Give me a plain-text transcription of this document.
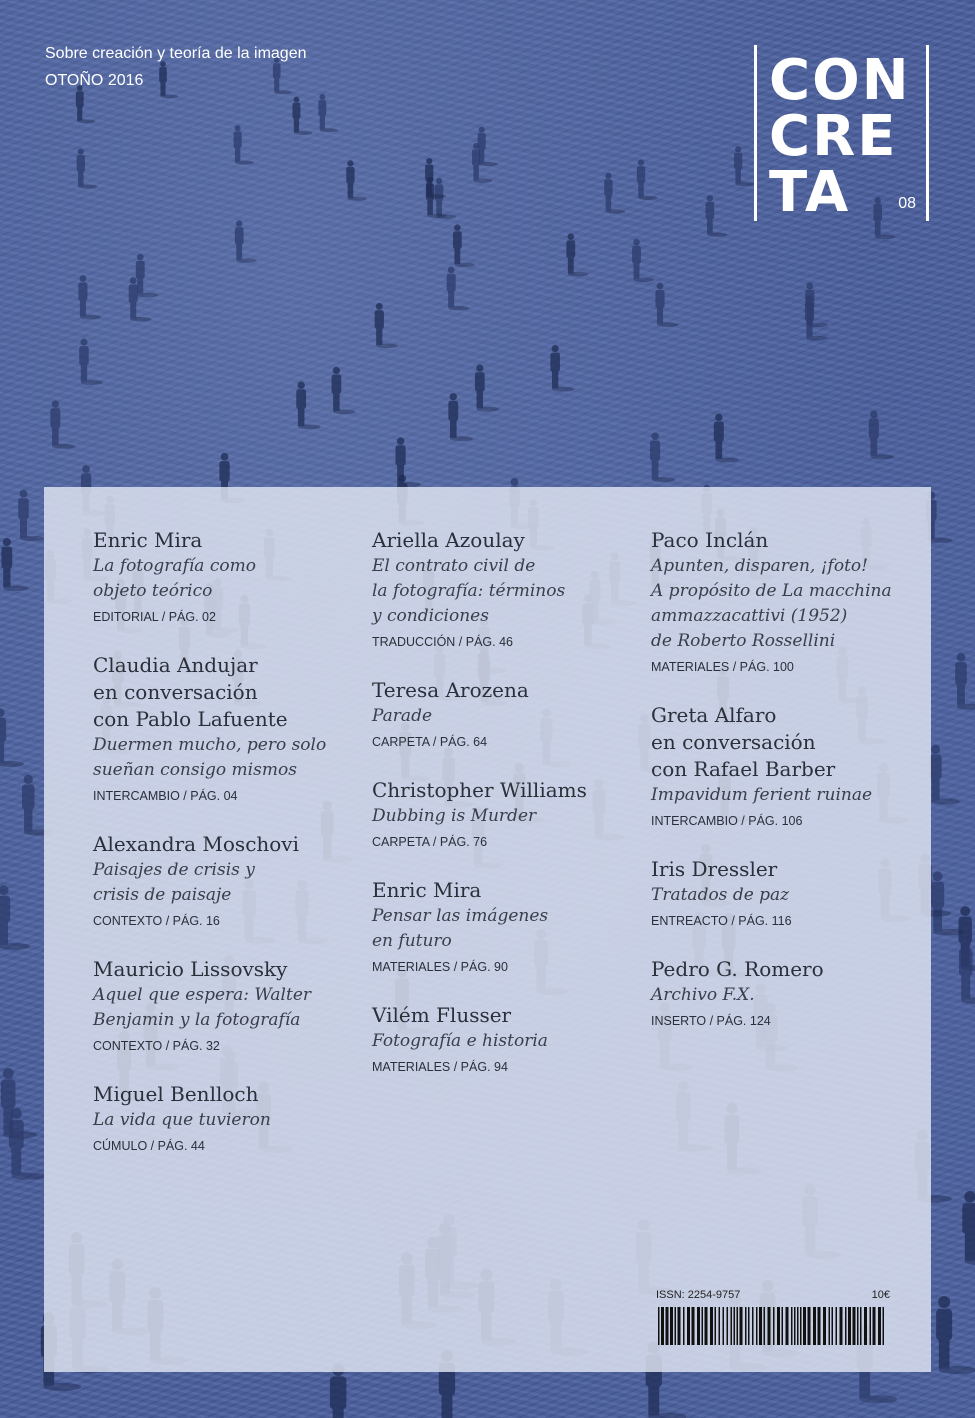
Sobre creación y teoría de la imagen
OTOÑO 2016	CON
CRE
TA	08
Enric Mira
La fotografía como
objeto teórico
EDITORIAL / PÁG. 02
Claudia Andujar
en conversación
con Pablo Lafuente
Duermen mucho, pero solo
sueñan consigo mismos
INTERCAMBIO / PÁG. 04
Alexandra Moschovi
Paisajes de crisis y
crisis de paisaje
CONTEXTO / PÁG. 16
Mauricio Lissovsky
Aquel que espera: Walter
Benjamin y la fotografía
CONTEXTO / PÁG. 32
Miguel Benlloch
La vida que tuvieron
CÚMULO / PÁG. 44
Ariella Azoulay
El contrato civil de
la fotografía: términos
y condiciones
TRADUCCIÓN / PÁG. 46
Teresa Arozena
Parade
CARPETA / PÁG. 64
Christopher Williams
Dubbing is Murder
CARPETA / PÁG. 76
Enric Mira
Pensar las imágenes
en futuro
MATERIALES / PÁG. 90
Vilém Flusser
Fotografía e historia
MATERIALES / PÁG. 94
Paco Inclán
Apunten, disparen, ¡foto!
A propósito de La macchina
ammazzacattivi (1952)
de Roberto Rossellini
MATERIALES / PÁG. 100
Greta Alfaro
en conversación
con Rafael Barber
Impavidum ferient ruinae
INTERCAMBIO / PÁG. 106
Iris Dressler
Tratados de paz
ENTREACTO / PÁG. 116
Pedro G. Romero
Archivo F.X.
INSERTO / PÁG. 124
ISSN: 2254-9757	10€
